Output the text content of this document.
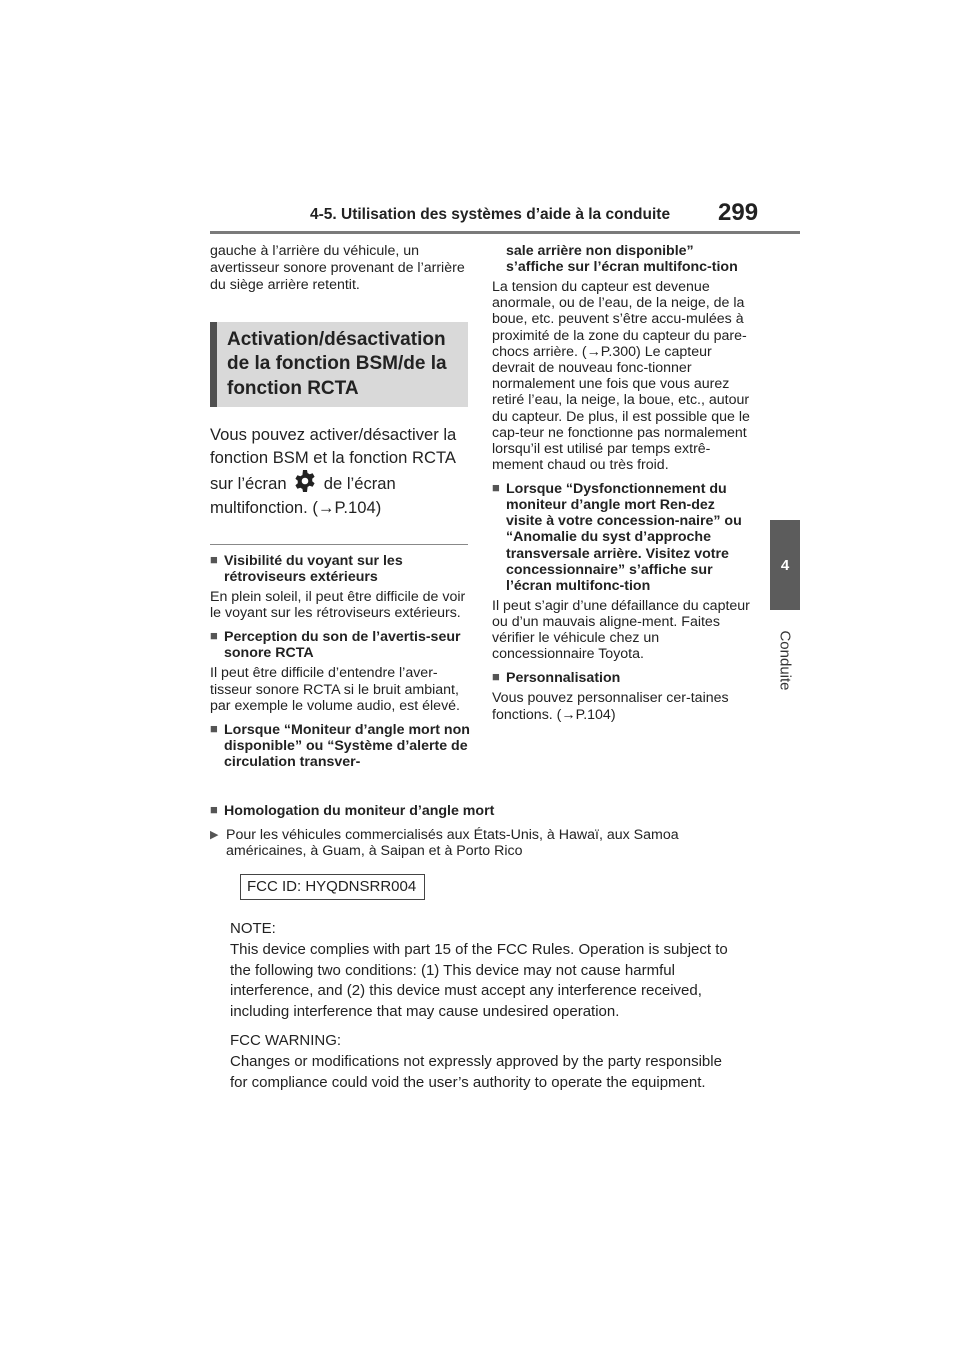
4-5. Utilisation des systèmes d’aide à la conduite 299
4
Conduite

gauche à l’arrière du véhicule, un avertisseur sonore provenant de l’arrière du siège arrière retentit.

Activation/désactivation
de la fonction BSM/de la
fonction RCTA

Vous pouvez activer/désactiver la fonction BSM et la fonction RCTA sur l’écran de l’écran multifonction. (→P.104)

■ Visibilité du voyant sur les rétroviseurs extérieurs

En plein soleil, il peut être difficile de voir le voyant sur les rétroviseurs extérieurs.

■ Perception du son de l’avertis-seur sonore RCTA

Il peut être difficile d’entendre l’aver-tisseur sonore RCTA si le bruit ambiant, par exemple le volume audio, est élevé.

■ Lorsque “Moniteur d’angle mort non disponible” ou “Système d’alerte de circulation transver-
sale arrière non disponible” s’affiche sur l’écran multifonc-tion

La tension du capteur est devenue anormale, ou de l’eau, de la neige, de la boue, etc. peuvent s’être accu-mulées à proximité de la zone du capteur du pare-chocs arrière. (→P.300) Le capteur devrait de nouveau fonc-tionner normalement une fois que vous aurez retiré l’eau, la neige, la boue, etc., autour du capteur. De plus, il est possible que le cap-teur ne fonctionne pas normalement lorsqu’il est utilisé par temps extrê-mement chaud ou très froid.

■ Lorsque “Dysfonctionnement du moniteur d’angle mort Ren-dez visite à votre concession-naire” ou “Anomalie du syst d’approche transversale arrière. Visitez votre concessionnaire” s’affiche sur l’écran multifonc-tion

Il peut s’agir d’une défaillance du capteur ou d’un mauvais aligne-ment. Faites vérifier le véhicule chez un concessionnaire Toyota.

■ Personnalisation

Vous pouvez personnaliser cer-taines fonctions. (→P.104)

■ Homologation du moniteur d’angle mort
▶ Pour les véhicules commercialisés aux États-Unis, à Hawaï, aux Samoa américaines, à Guam, à Saipan et à Porto Rico
FCC ID: HYQDNSRR004
NOTE:
This device complies with part 15 of the FCC Rules. Operation is subject to the following two conditions: (1) This device may not cause harmful interference, and (2) this device must accept any interference received, including interference that may cause undesired operation.
FCC WARNING:
Changes or modifications not expressly approved by the party responsible for compliance could void the user’s authority to operate the equipment.
